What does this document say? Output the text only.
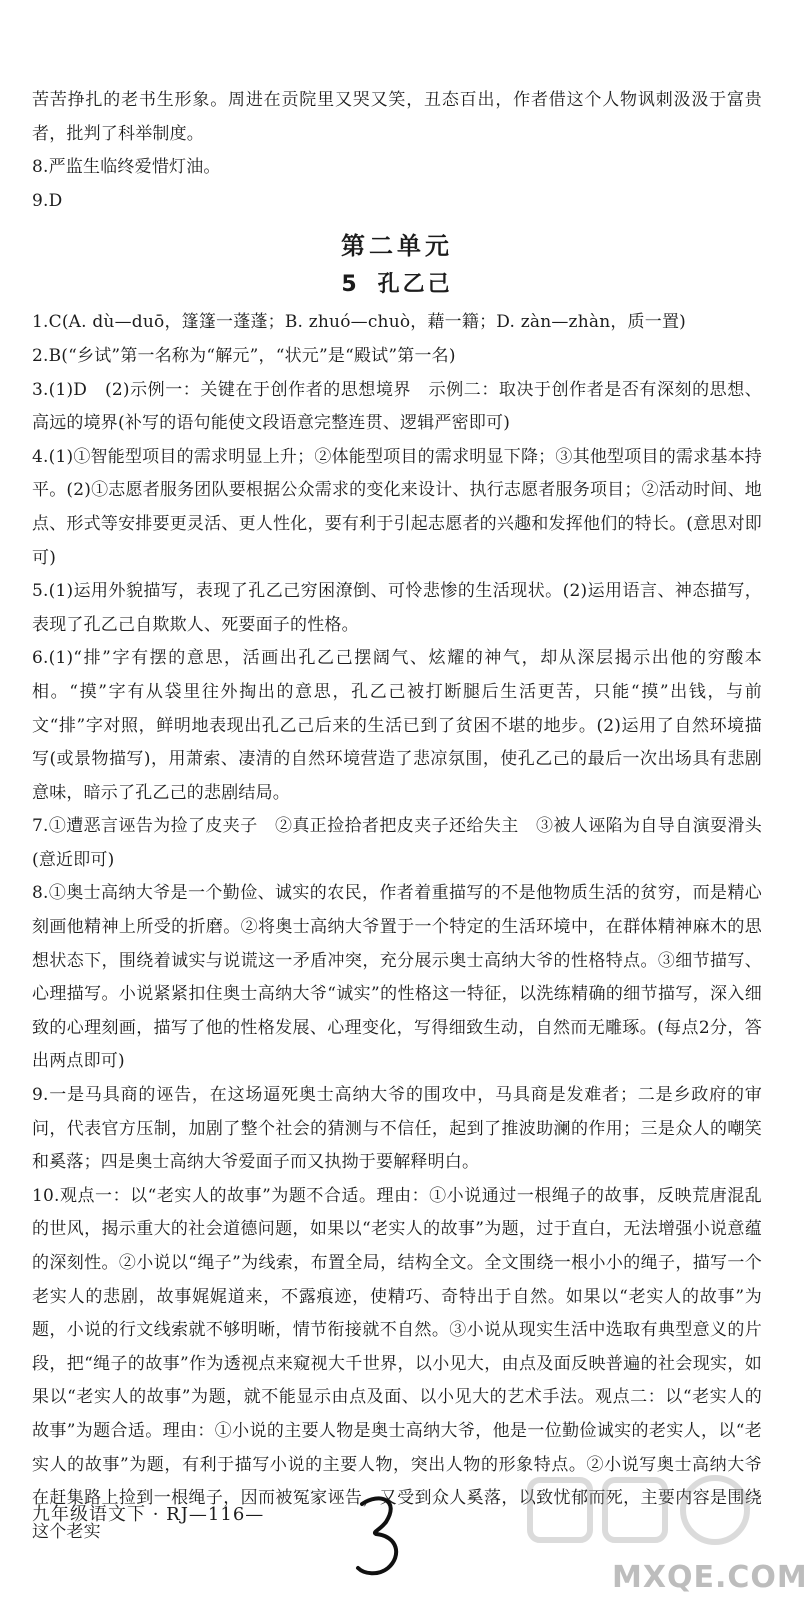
苦苦挣扎的老书生形象。周进在贡院里又哭又笑，丑态百出，作者借这个人物讽刺汲汲于富贵者，批判了科举制度。

8.严监生临终爱惜灯油。

9.D

第二单元
5 孔乙己

1.C(A. dù—duō，篷篷一蓬蓬；B. zhuó—chuò，藉一籍；D. zàn—zhàn，质一置)

2.B(“乡试”第一名称为“解元”，“状元”是“殿试”第一名)

3.(1)D　(2)示例一：关键在于创作者的思想境界　示例二：取决于创作者是否有深刻的思想、高远的境界(补写的语句能使文段语意完整连贯、逻辑严密即可)

4.(1)①智能型项目的需求明显上升；②体能型项目的需求明显下降；③其他型项目的需求基本持平。(2)①志愿者服务团队要根据公众需求的变化来设计、执行志愿者服务项目；②活动时间、地点、形式等安排要更灵活、更人性化，要有利于引起志愿者的兴趣和发挥他们的特长。(意思对即可)

5.(1)运用外貌描写，表现了孔乙己穷困潦倒、可怜悲惨的生活现状。(2)运用语言、神态描写，表现了孔乙己自欺欺人、死要面子的性格。

6.(1)“排”字有摆的意思，活画出孔乙己摆阔气、炫耀的神气，却从深层揭示出他的穷酸本相。“摸”字有从袋里往外掏出的意思，孔乙己被打断腿后生活更苦，只能“摸”出钱，与前文“排”字对照，鲜明地表现出孔乙己后来的生活已到了贫困不堪的地步。(2)运用了自然环境描写(或景物描写)，用萧索、凄清的自然环境营造了悲凉氛围，使孔乙己的最后一次出场具有悲剧意味，暗示了孔乙己的悲剧结局。

7.①遭恶言诬告为捡了皮夹子　②真正捡拾者把皮夹子还给失主　③被人诬陷为自导自演耍滑头(意近即可)

8.①奥士高纳大爷是一个勤俭、诚实的农民，作者着重描写的不是他物质生活的贫穷，而是精心刻画他精神上所受的折磨。②将奥士高纳大爷置于一个特定的生活环境中，在群体精神麻木的思想状态下，围绕着诚实与说谎这一矛盾冲突，充分展示奥士高纳大爷的性格特点。③细节描写、心理描写。小说紧紧扣住奥士高纳大爷“诚实”的性格这一特征，以洗练精确的细节描写，深入细致的心理刻画，描写了他的性格发展、心理变化，写得细致生动，自然而无雕琢。(每点2分，答出两点即可)

9.一是马具商的诬告，在这场逼死奥士高纳大爷的围攻中，马具商是发难者；二是乡政府的审问，代表官方压制，加剧了整个社会的猜测与不信任，起到了推波助澜的作用；三是众人的嘲笑和奚落；四是奥士高纳大爷爱面子而又执拗于要解释明白。

10.观点一：以“老实人的故事”为题不合适。理由：①小说通过一根绳子的故事，反映荒唐混乱的世风，揭示重大的社会道德问题，如果以“老实人的故事”为题，过于直白，无法增强小说意蕴的深刻性。②小说以“绳子”为线索，布置全局，结构全文。全文围绕一根小小的绳子，描写一个老实人的悲剧，故事娓娓道来，不露痕迹，使精巧、奇特出于自然。如果以“老实人的故事”为题，小说的行文线索就不够明晰，情节衔接就不自然。③小说从现实生活中选取有典型意义的片段，把“绳子的故事”作为透视点来窥视大千世界，以小见大，由点及面反映普遍的社会现实，如果以“老实人的故事”为题，就不能显示由点及面、以小见大的艺术手法。观点二：以“老实人的故事”为题合适。理由：①小说的主要人物是奥士高纳大爷，他是一位勤俭诚实的老实人，以“老实人的故事”为题，有利于描写小说的主要人物，突出人物的形象特点。②小说写奥士高纳大爷在赶集路上捡到一根绳子，因而被冤家诬告，又受到众人奚落，以致忧郁而死，主要内容是围绕这个老实

九年级语文下 · RJ—116—
MXQE.COM
